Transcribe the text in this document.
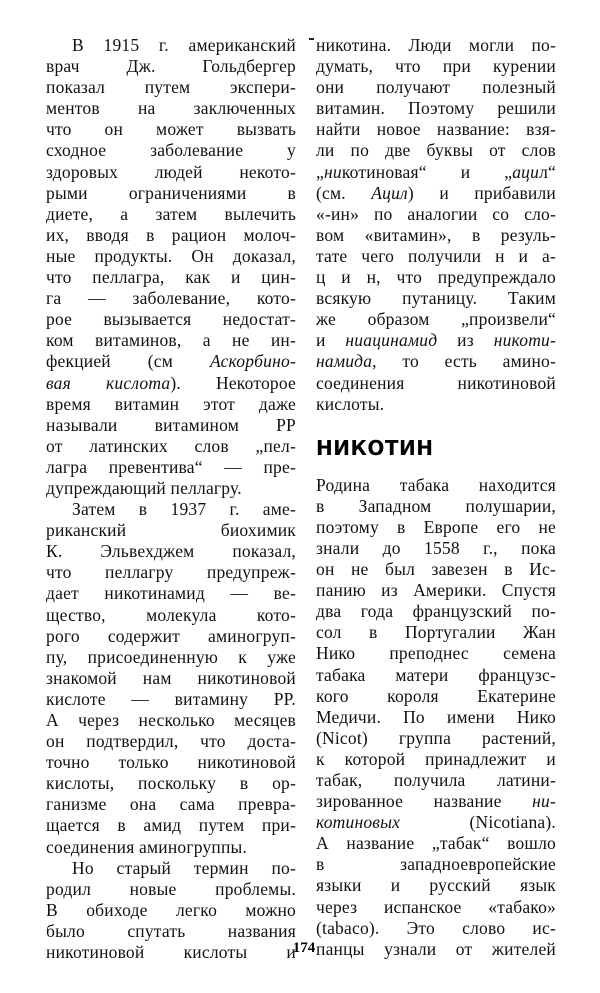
В 1915 г. американский
врач Дж. Гольдбергер
показал путем экспери-
ментов на заключенных
что он может вызвать
сходное заболевание у
здоровых людей некото-
рыми ограничениями в
диете, а затем вылечить
их, вводя в рацион молоч-
ные продукты. Он доказал,
что пеллагра, как и цин-
га — заболевание, кото-
рое вызывается недостат-
ком витаминов, а не ин-
фекцией (см Аскорбино-
вая кислота). Некоторое
время витамин этот даже
называли витамином РР
от латинских слов „пел-
лагра превентива“ — пре-
дупреждающий пеллагру.
Затем в 1937 г. аме-
риканский биохимик
К. Эльвехджем показал,
что пеллагру предупреж-
дает никотинамид — ве-
щество, молекула кото-
рого содержит аминогруп-
пу, присоединенную к уже
знакомой нам никотиновой
кислоте — витамину РР.
А через несколько месяцев
он подтвердил, что доста-
точно только никотиновой
кислоты, поскольку в ор-
ганизме она сама превра-
щается в амид путем при-
соединения аминогруппы.
Но старый термин по-
родил новые проблемы.
В обиходе легко можно
было спутать названия
никотиновой кислоты и
никотина. Люди могли по-
думать, что при курении
они получают полезный
витамин. Поэтому решили
найти новое название: взя-
ли по две буквы от слов
„никотиновая“ и „ацил“
(см. Ацил) и прибавили
«-ин» по аналогии со сло-
вом «витамин», в резуль-
тате чего получили н и а-
ц и н, что предупреждало
всякую путаницу. Таким
же образом „произвели“
и ниацинамид из никоти-
намида, то есть амино-
соединения никотиновой
кислоты.
НИКОТИН
Родина табака находится
в Западном полушарии,
поэтому в Европе его не
знали до 1558 г., пока
он не был завезен в Ис-
панию из Америки. Спустя
два года французский по-
сол в Португалии Жан
Нико преподнес семена
табака матери французс-
кого короля Екатерине
Медичи. По имени Нико
(Nicot) группа растений,
к которой принадлежит и
табак, получила латини-
зированное название ни-
котиновых (Nicotiana).
А название „табак“ вошло
в западноевропейские
языки и русский язык
через испанское «табако»
(tabaco). Это слово ис-
панцы узнали от жителей
174
